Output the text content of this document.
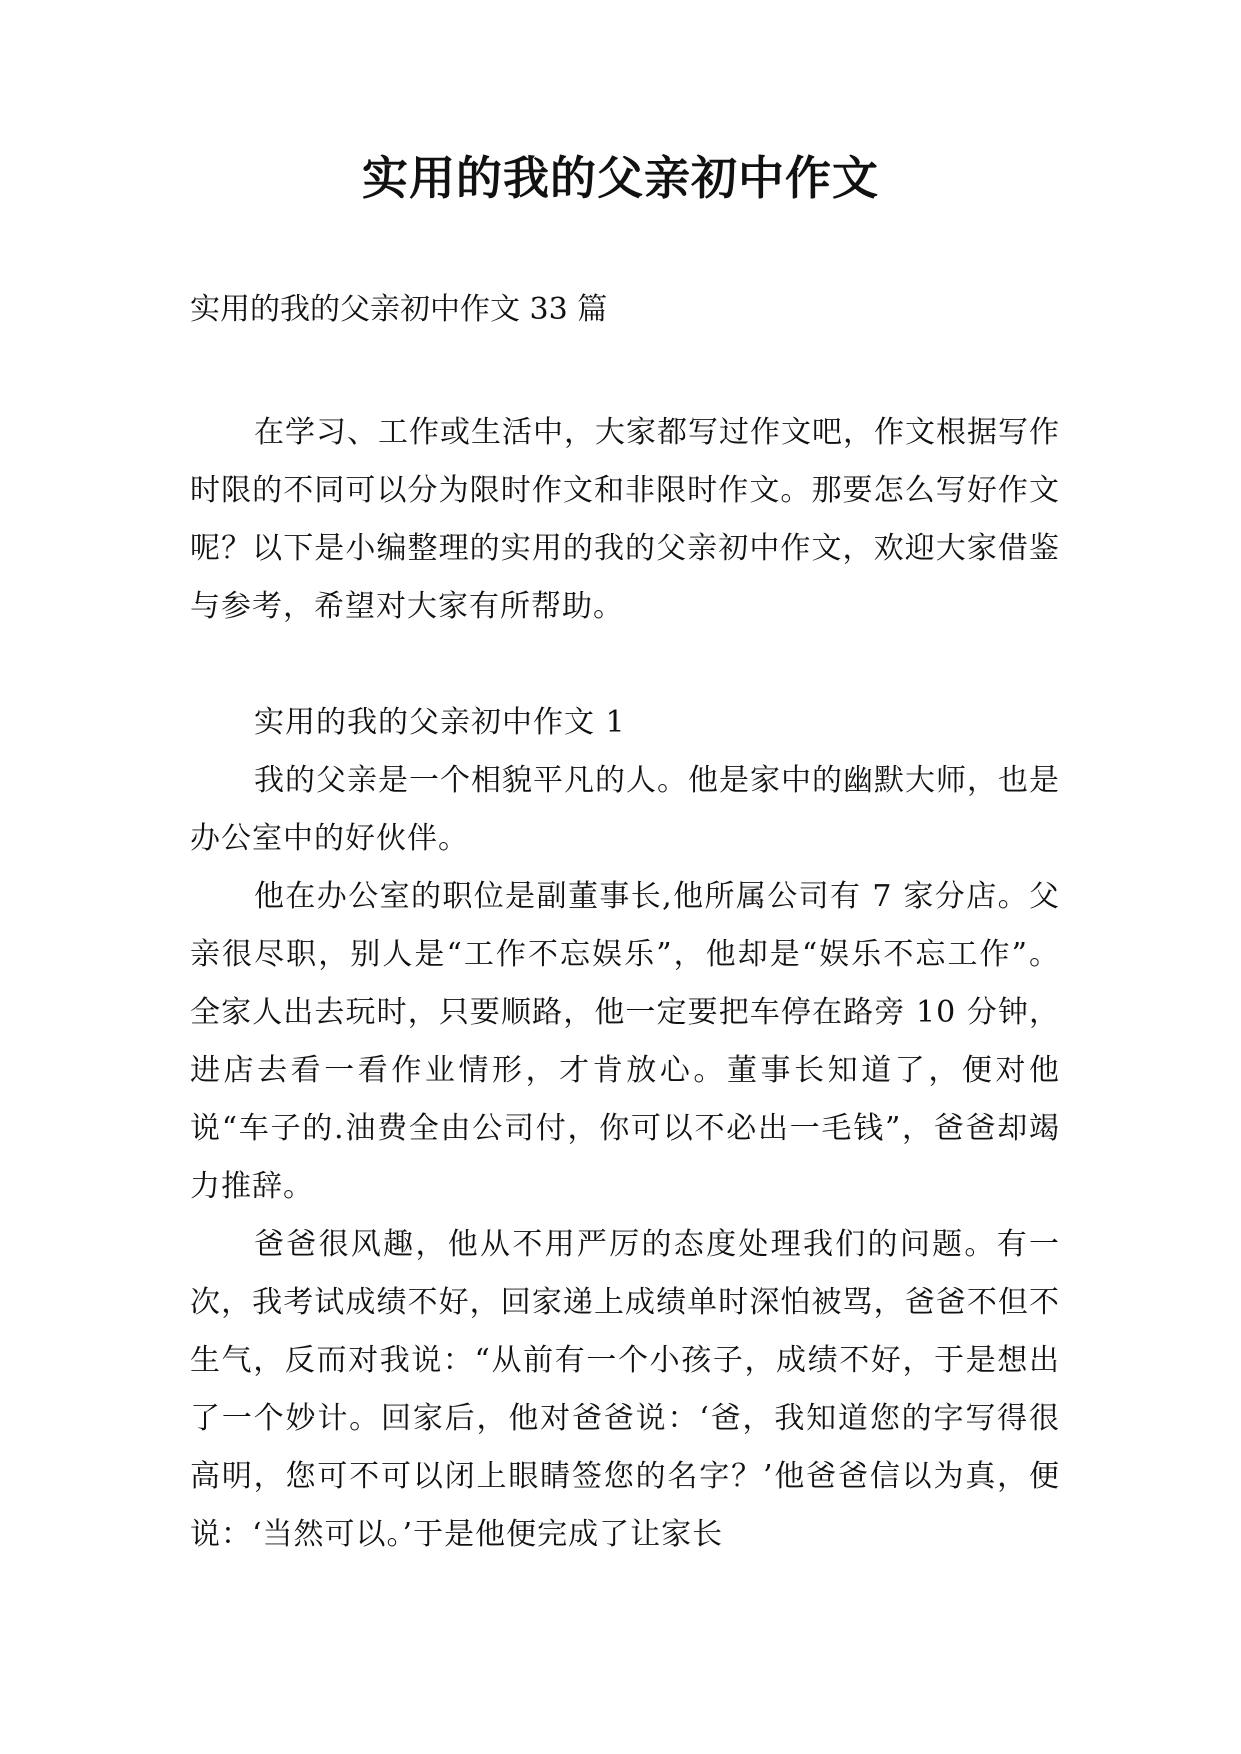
实用的我的父亲初中作文

实用的我的父亲初中作文 33 篇

在学习、工作或生活中，大家都写过作文吧，作文根据写作时限的不同可以分为限时作文和非限时作文。那要怎么写好作文呢？以下是小编整理的实用的我的父亲初中作文，欢迎大家借鉴与参考，希望对大家有所帮助。

实用的我的父亲初中作文 1

我的父亲是一个相貌平凡的人。他是家中的幽默大师，也是办公室中的好伙伴。

他在办公室的职位是副董事长,他所属公司有 7 家分店。父亲很尽职，别人是“工作不忘娱乐”，他却是“娱乐不忘工作”。全家人出去玩时，只要顺路，他一定要把车停在路旁 10 分钟，进店去看一看作业情形，才肯放心。董事长知道了，便对他说“车子的.油费全由公司付，你可以不必出一毛钱”，爸爸却竭力推辞。

爸爸很风趣，他从不用严厉的态度处理我们的问题。有一次，我考试成绩不好，回家递上成绩单时深怕被骂，爸爸不但不生气，反而对我说：“从前有一个小孩子，成绩不好，于是想出了一个妙计。回家后，他对爸爸说：‘爸，我知道您的字写得很高明，您可不可以闭上眼睛签您的名字？’他爸爸信以为真，便说：‘当然可以。’于是他便完成了让家长
